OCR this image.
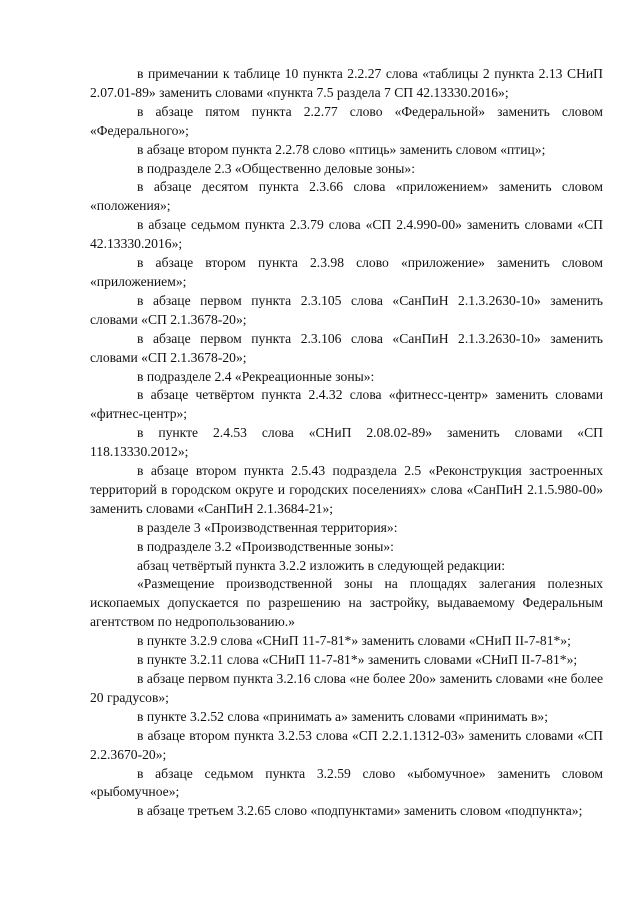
в примечании к таблице 10 пункта 2.2.27 слова «таблицы 2 пункта 2.13 СНиП 2.07.01-89» заменить словами «пункта 7.5 раздела 7 СП 42.13330.2016»;

в абзаце пятом пункта 2.2.77 слово «Федеральной» заменить словом «Федерального»;

в абзаце втором пункта 2.2.78 слово «птиць» заменить словом «птиц»;

в подразделе 2.3 «Общественно деловые зоны»:

в абзаце десятом пункта 2.3.66 слова «приложением» заменить словом «положения»;

в абзаце седьмом пункта 2.3.79 слова «СП 2.4.990-00» заменить словами «СП 42.13330.2016»;

в абзаце втором пункта 2.3.98 слово «приложение» заменить словом «приложением»;

в абзаце первом пункта 2.3.105 слова «СанПиН 2.1.3.2630-10» заменить словами «СП 2.1.3678-20»;

в абзаце первом пункта 2.3.106 слова «СанПиН 2.1.3.2630-10» заменить словами «СП 2.1.3678-20»;

в подразделе 2.4 «Рекреационные зоны»:

в абзаце четвёртом пункта 2.4.32 слова «фитнесс-центр» заменить словами «фитнес-центр»;

в пункте 2.4.53 слова «СНиП 2.08.02-89» заменить словами «СП 118.13330.2012»;

в абзаце втором пункта 2.5.43 подраздела 2.5 «Реконструкция застроенных территорий в городском округе и городских поселениях» слова «СанПиН 2.1.5.980-00» заменить словами «СанПиН 2.1.3684-21»;

в разделе 3 «Производственная территория»:

в подразделе 3.2 «Производственные зоны»:

абзац четвёртый пункта 3.2.2 изложить в следующей редакции:

«Размещение производственной зоны на площадях залегания полезных ископаемых допускается по разрешению на застройку, выдаваемому Федеральным агентством по недропользованию.»

в пункте 3.2.9 слова «СНиП 11-7-81*» заменить словами «СНиП II-7-81*»;

в пункте 3.2.11 слова «СНиП 11-7-81*» заменить словами «СНиП II-7-81*»;

в абзаце первом пункта 3.2.16 слова «не более 20о» заменить словами «не более 20 градусов»;

в пункте 3.2.52 слова «принимать а» заменить словами «принимать в»;

в абзаце втором пункта 3.2.53 слова «СП 2.2.1.1312-03» заменить словами «СП 2.2.3670-20»;

в абзаце седьмом пункта 3.2.59 слово «ыбомучное» заменить словом «рыбомучное»;

в абзаце третьем 3.2.65 слово «подпунктами» заменить словом «подпункта»;
